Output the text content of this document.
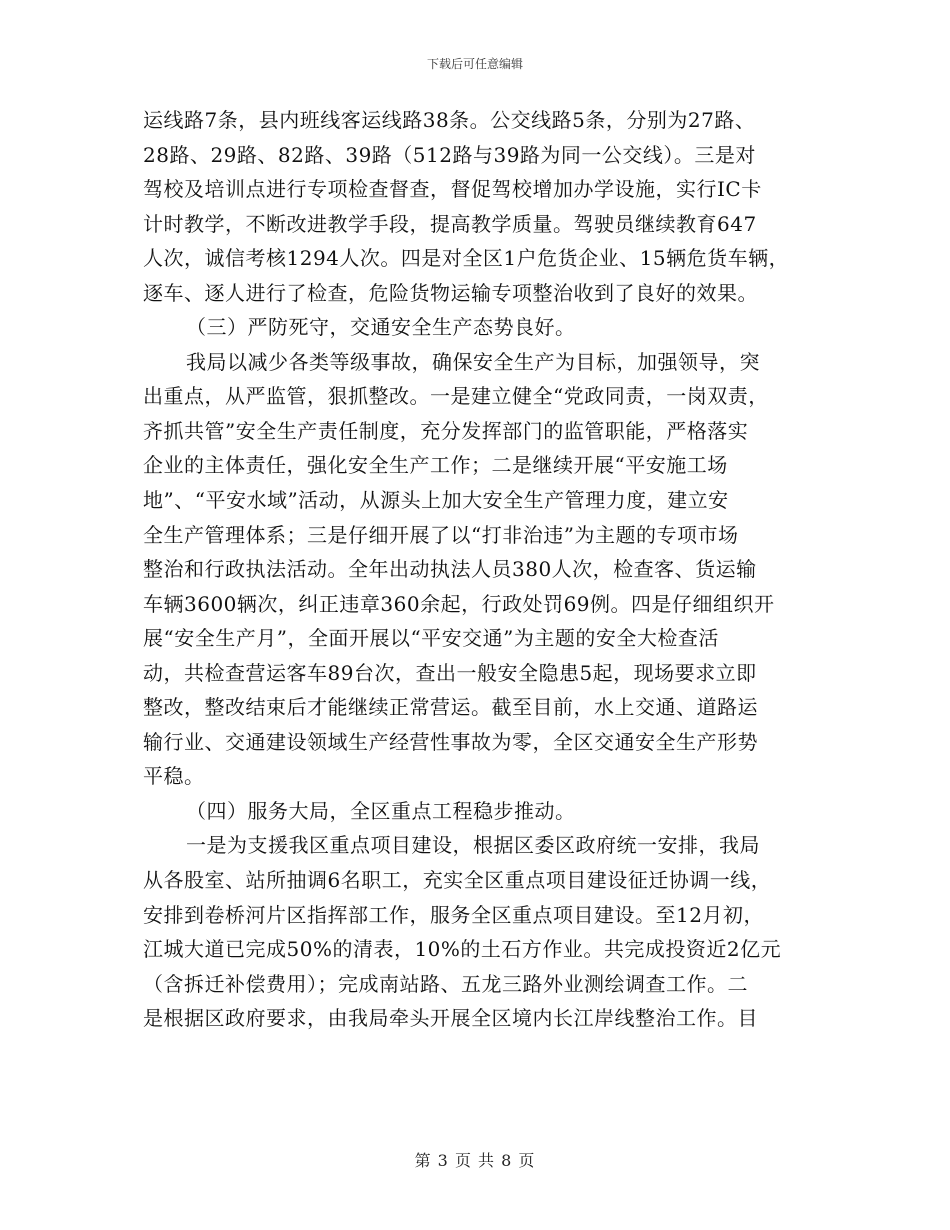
下载后可任意编辑
运线路7条，县内班线客运线路38条。公交线路5条，分别为27路、
28路、29路、82路、39路（512路与39路为同一公交线）。三是对
驾校及培训点进行专项检查督查，督促驾校增加办学设施，实行IC卡
计时教学，不断改进教学手段，提高教学质量。驾驶员继续教育647
人次，诚信考核1294人次。四是对全区1户危货企业、15辆危货车辆，
逐车、逐人进行了检查，危险货物运输专项整治收到了良好的效果。
（三）严防死守，交通安全生产态势良好。
我局以减少各类等级事故，确保安全生产为目标，加强领导，突
出重点，从严监管，狠抓整改。一是建立健全“党政同责，一岗双责，
齐抓共管”安全生产责任制度，充分发挥部门的监管职能，严格落实
企业的主体责任，强化安全生产工作；二是继续开展“平安施工场
地”、“平安水域”活动，从源头上加大安全生产管理力度，建立安
全生产管理体系；三是仔细开展了以“打非治违”为主题的专项市场
整治和行政执法活动。全年出动执法人员380人次，检查客、货运输
车辆3600辆次，纠正违章360余起，行政处罚69例。四是仔细组织开
展“安全生产月”，全面开展以“平安交通”为主题的安全大检查活
动，共检查营运客车89台次，查出一般安全隐患5起，现场要求立即
整改，整改结束后才能继续正常营运。截至目前，水上交通、道路运
输行业、交通建设领域生产经营性事故为零，全区交通安全生产形势
平稳。
（四）服务大局，全区重点工程稳步推动。
一是为支援我区重点项目建设，根据区委区政府统一安排，我局
从各股室、站所抽调6名职工，充实全区重点项目建设征迁协调一线，
安排到卷桥河片区指挥部工作，服务全区重点项目建设。至12月初，
江城大道已完成50%的清表，10%的土石方作业。共完成投资近2亿元
（含拆迁补偿费用）；完成南站路、五龙三路外业测绘调查工作。二
是根据区政府要求，由我局牵头开展全区境内长江岸线整治工作。目
第 3 页 共 8 页
